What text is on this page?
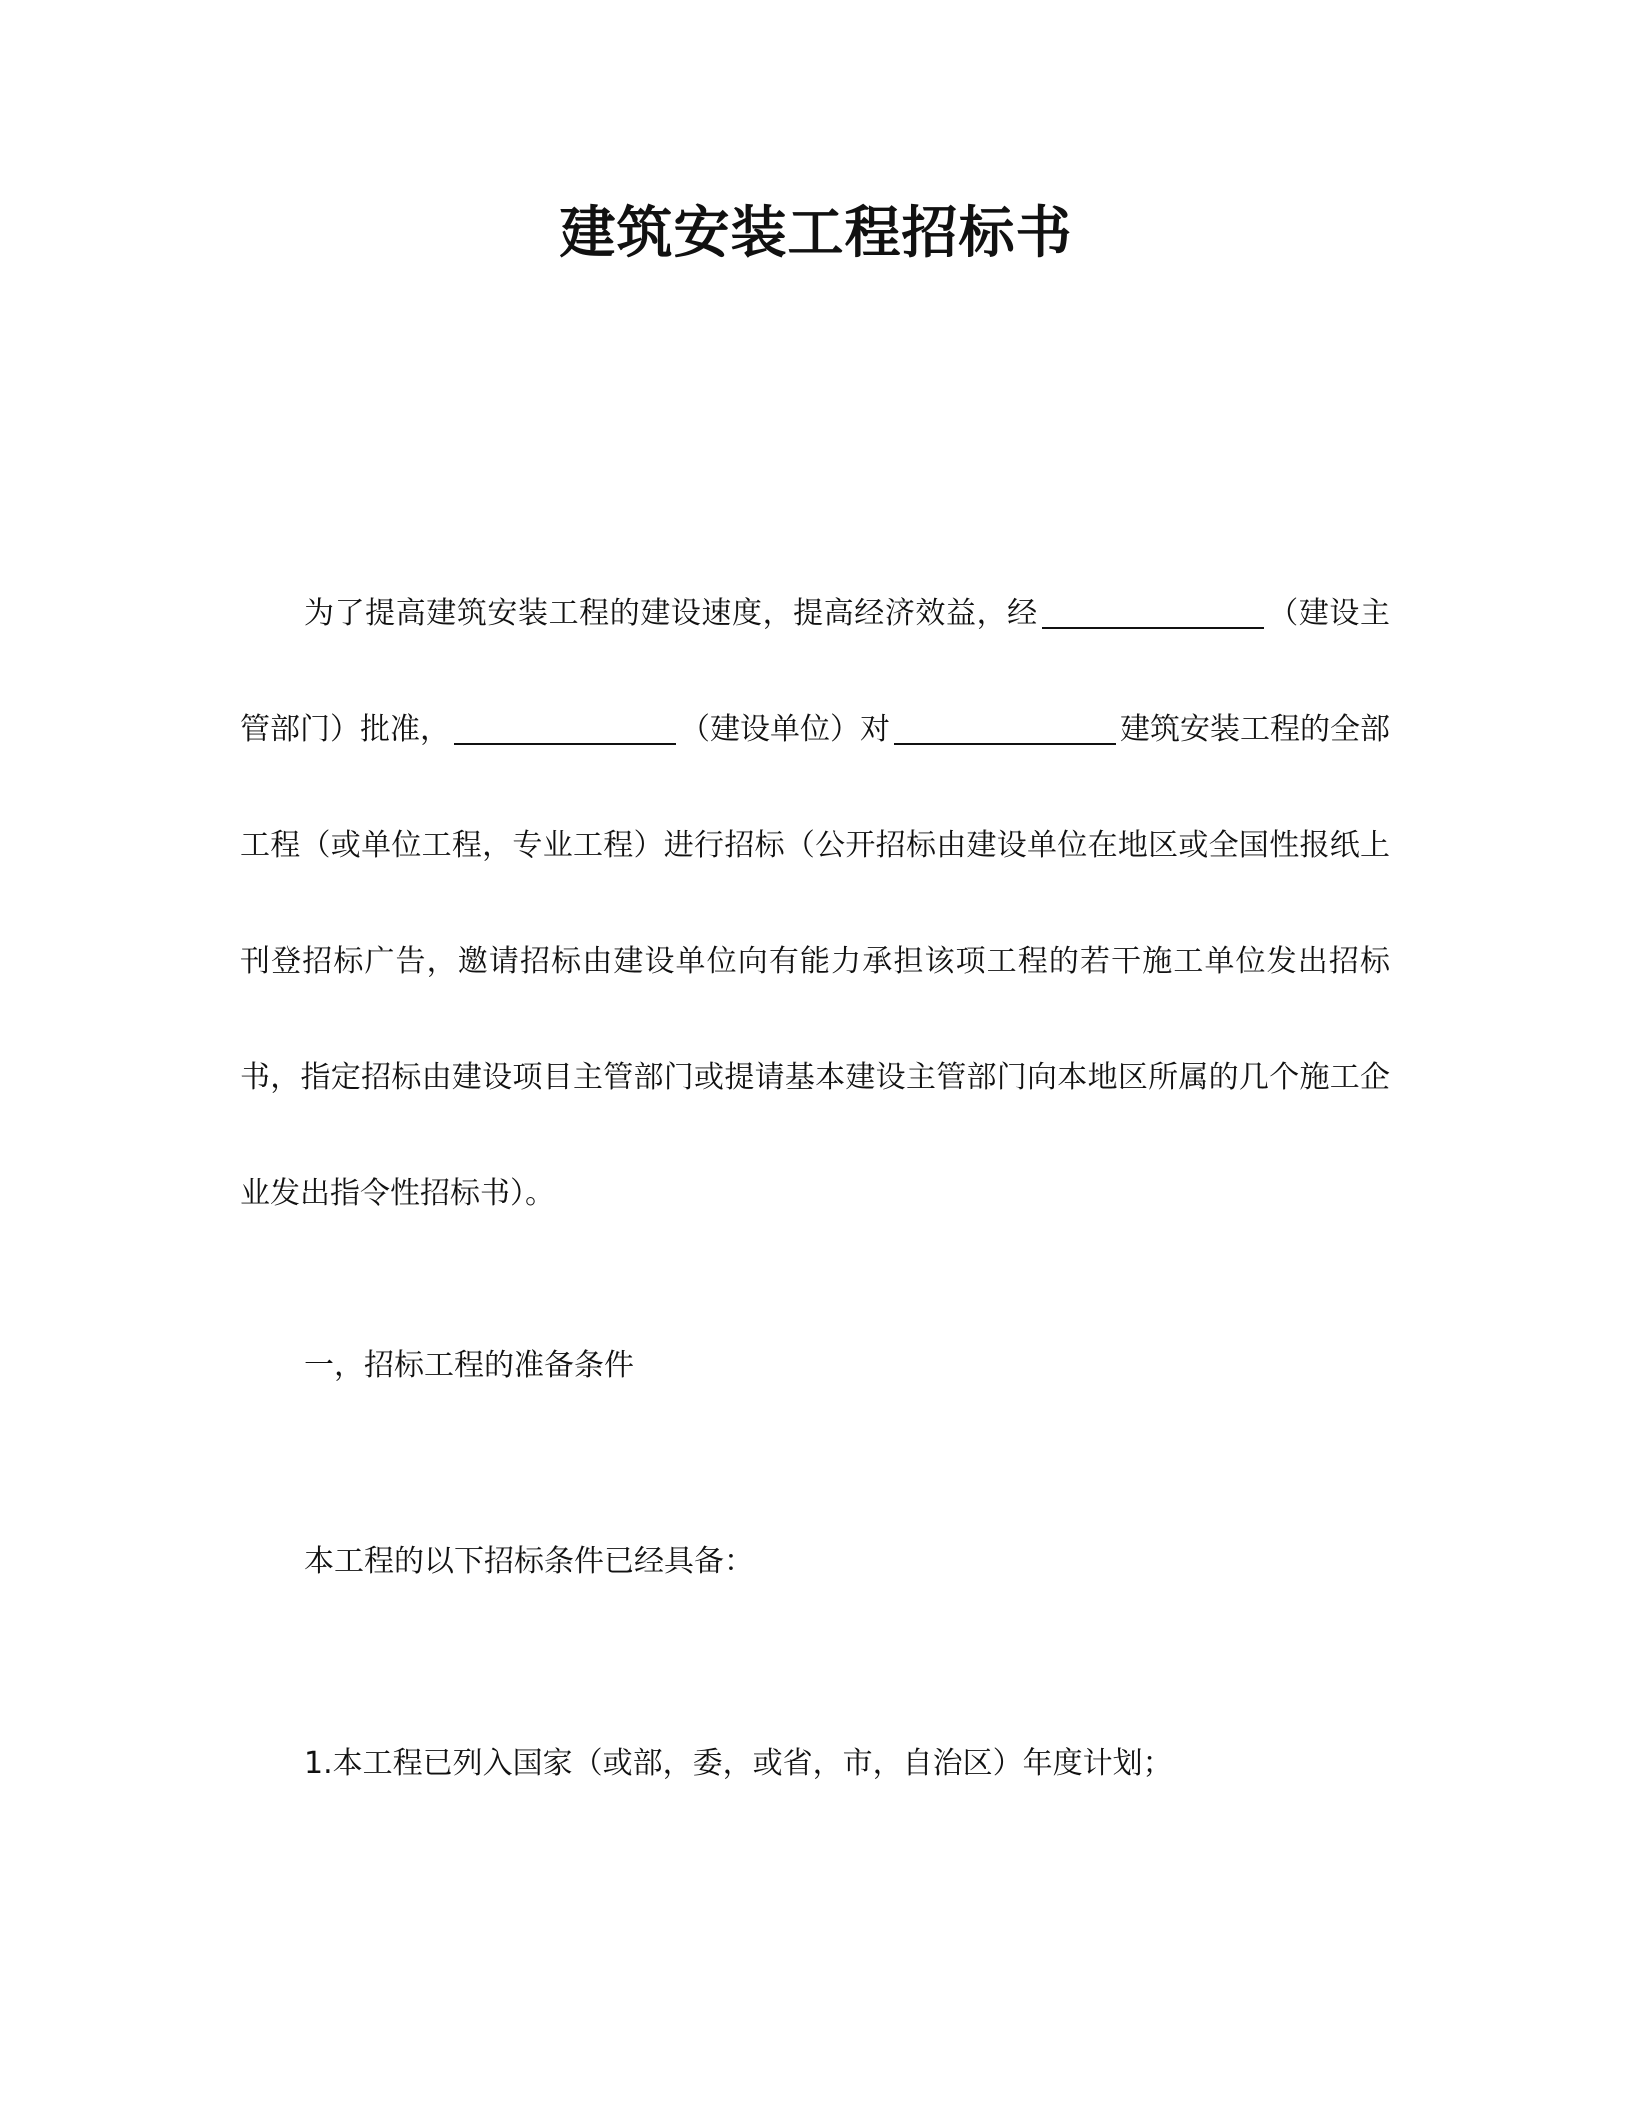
建筑安装工程招标书

为了提高建筑安装工程的建设速度，提高经济效益，经	（建设主管部门）批准，	（建设单位）对	建筑安装工程的全部工程（或单位工程，专业工程）进行招标（公开招标由建设单位在地区或全国性报纸上刊登招标广告，邀请招标由建设单位向有能力承担该项工程的若干施工单位发出招标书，指定招标由建设项目主管部门或提请基本建设主管部门向本地区所属的几个施工企业发出指令性招标书）。

一，招标工程的准备条件

本工程的以下招标条件已经具备：

1.本工程已列入国家（或部，委，或省，市，自治区）年度计划；
